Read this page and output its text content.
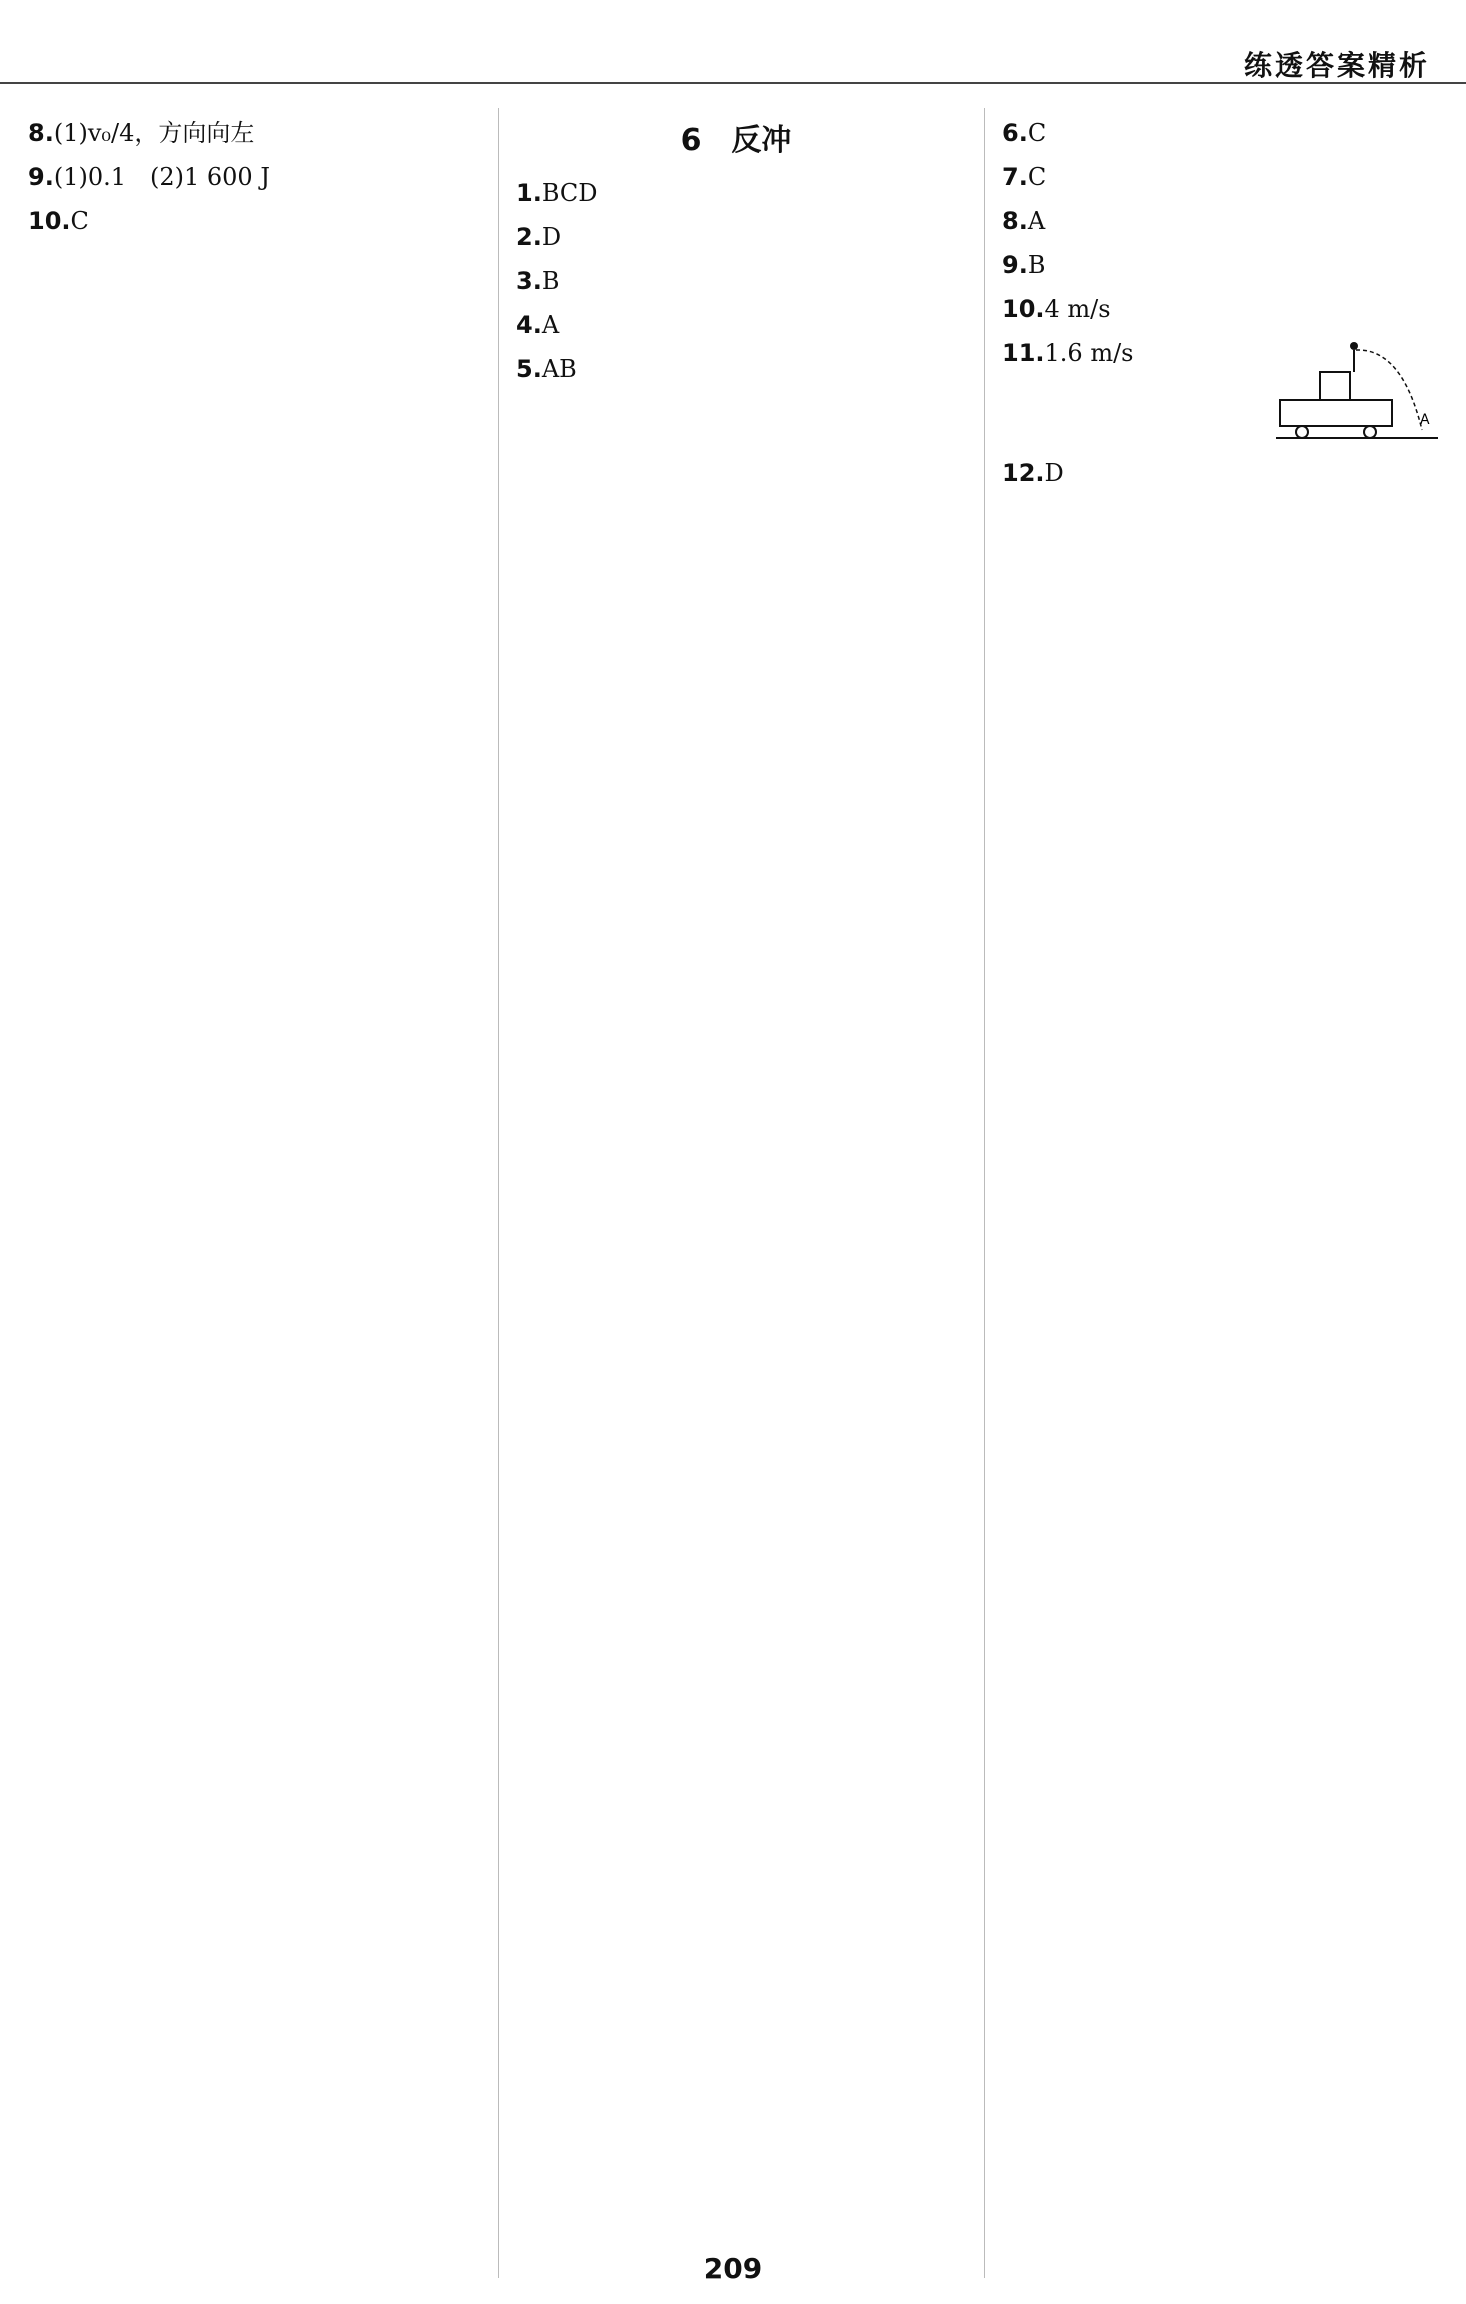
练透答案精析

8.(1)v₀/4，方向向左

9.(1)0.1　(2)1 600 J

10.C

6　反冲

1.BCD

2.D

3.B

4.A

5.AB

6.C

7.C

8.A

9.B

10.4 m/s

A
11.1.6 m/s

12.D

209
